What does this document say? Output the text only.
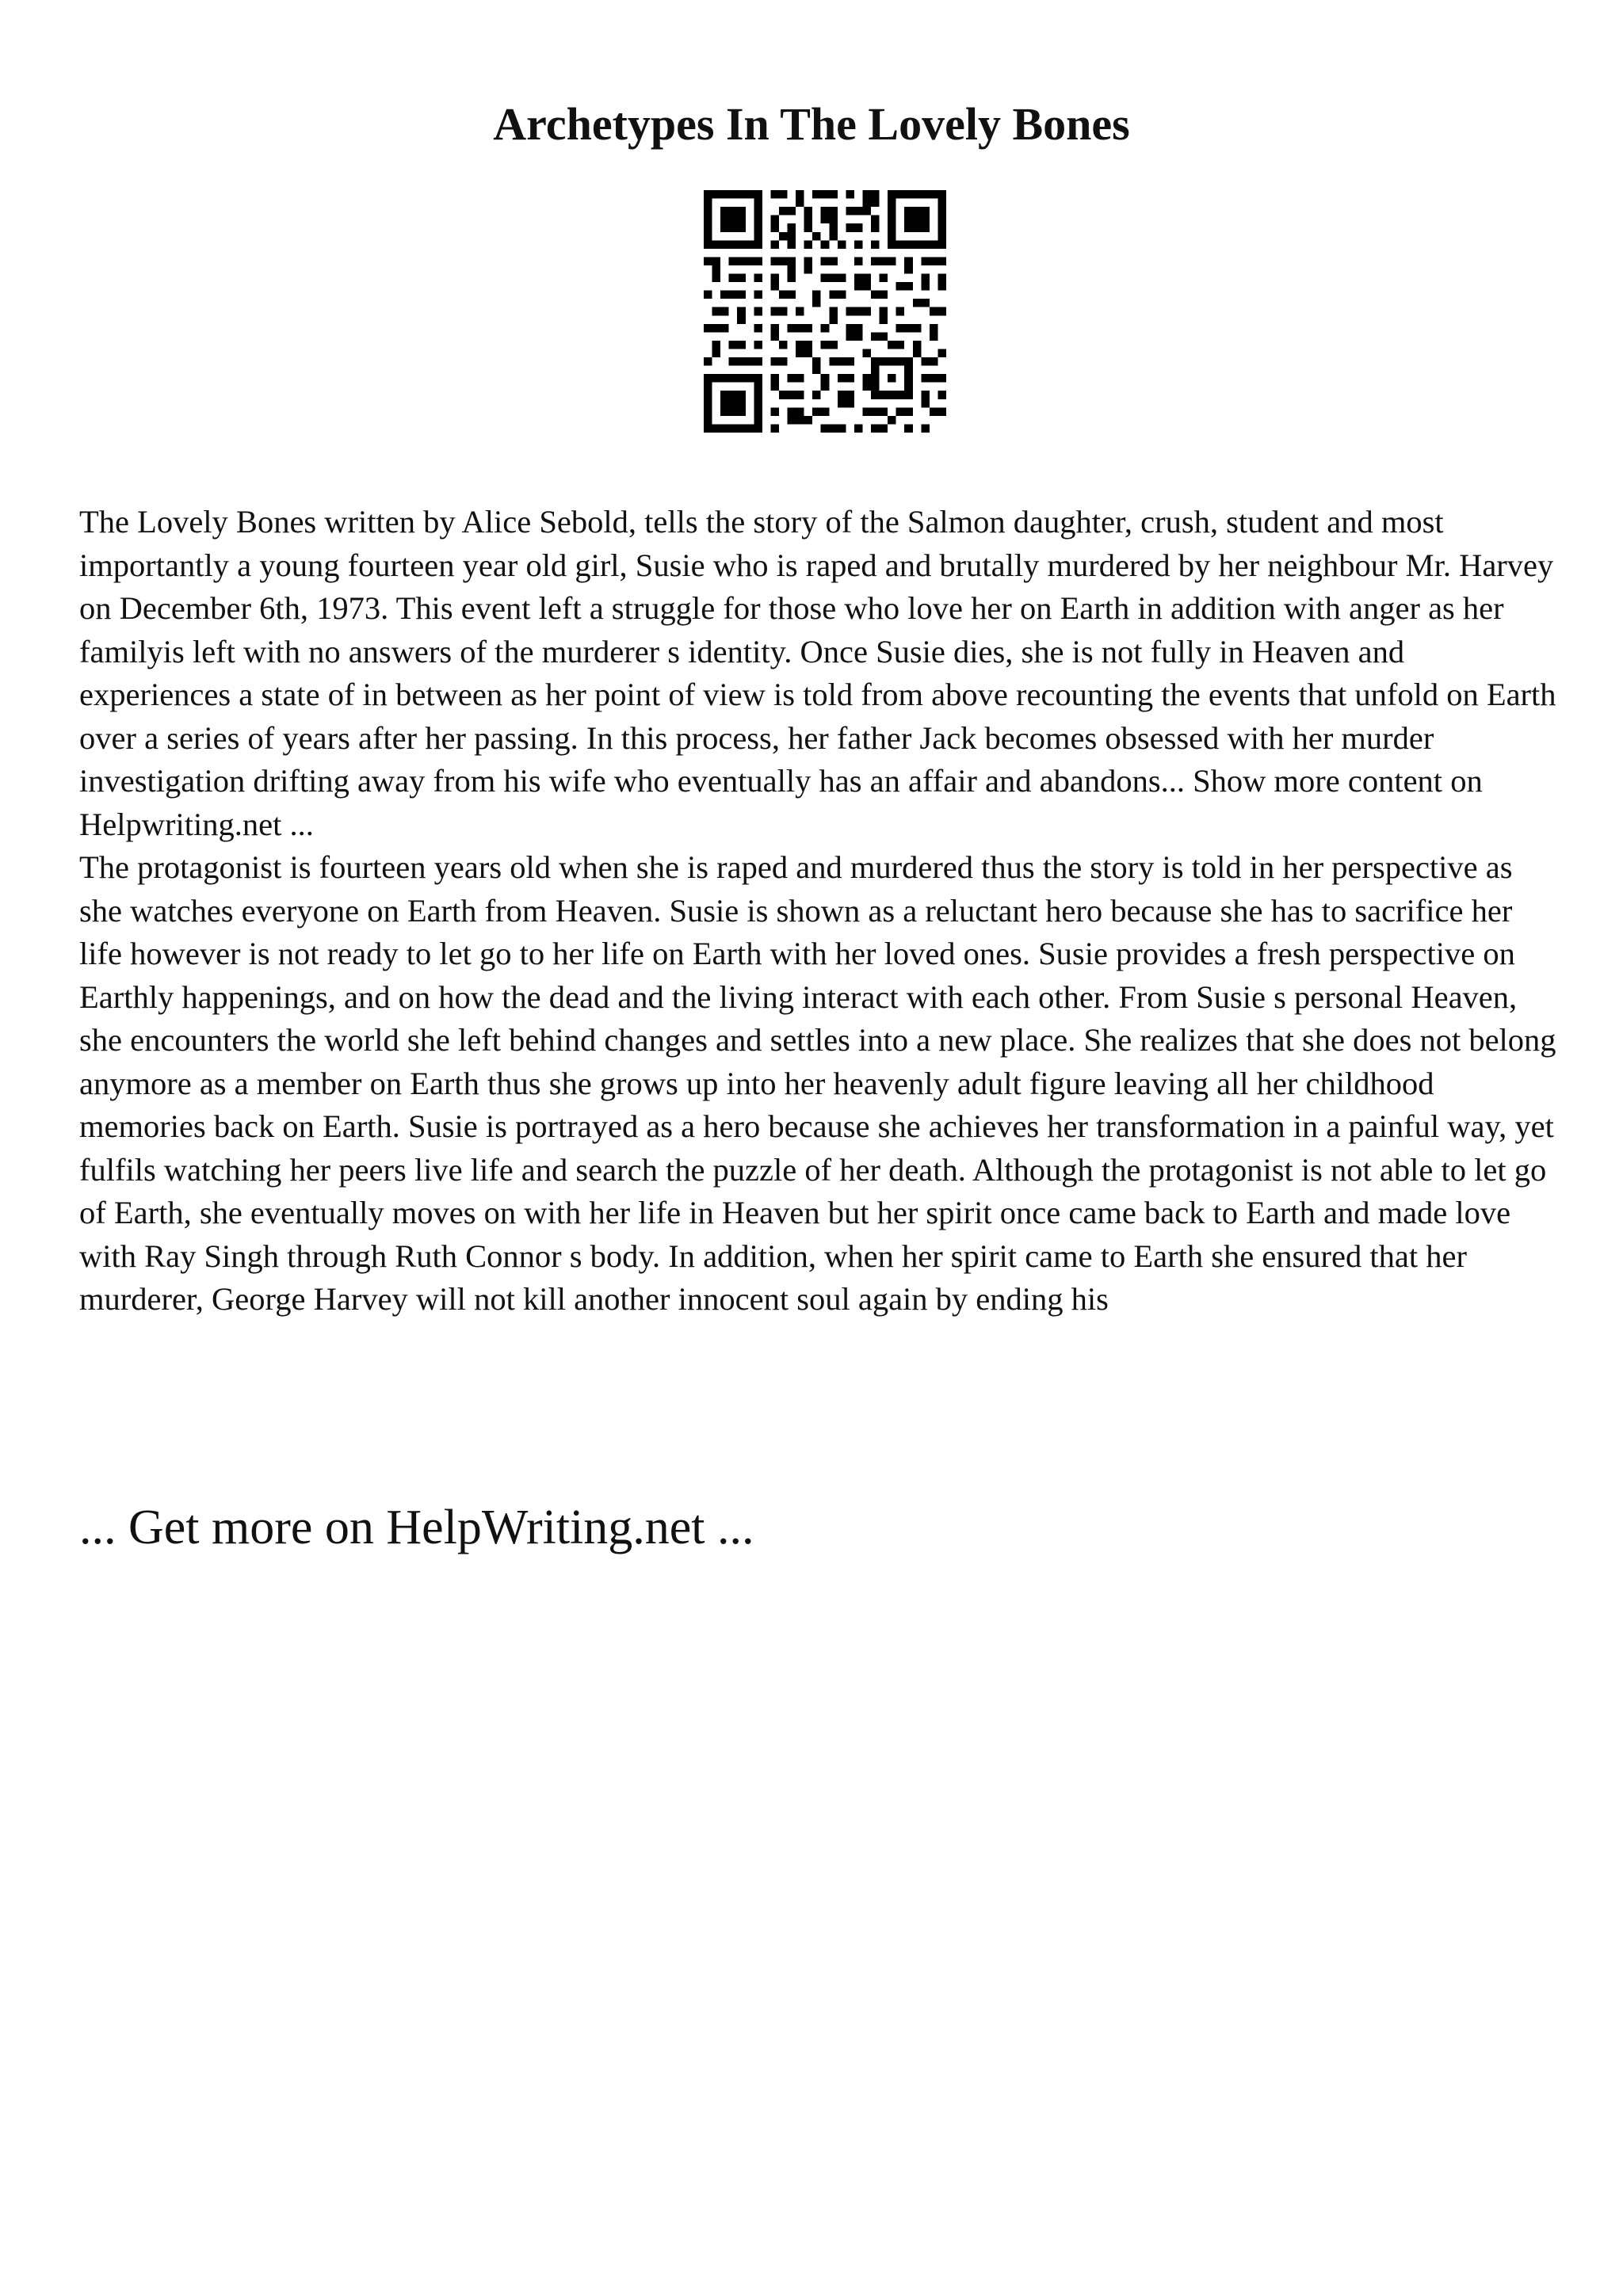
Archetypes In The Lovely Bones

The Lovely Bones written by Alice Sebold, tells the story of the Salmon daughter, crush, student and most importantly a young fourteen year old girl, Susie who is raped and brutally murdered by her neighbour Mr. Harvey on December 6th, 1973. This event left a struggle for those who love her on Earth in addition with anger as her familyis left with no answers of the murderer s identity. Once Susie dies, she is not fully in Heaven and experiences a state of in between as her point of view is told from above recounting the events that unfold on Earth over a series of years after her passing. In this process, her father Jack becomes obsessed with her murder investigation drifting away from his wife who eventually has an affair and abandons... Show more content on Helpwriting.net ...

The protagonist is fourteen years old when she is raped and murdered thus the story is told in her perspective as she watches everyone on Earth from Heaven. Susie is shown as a reluctant hero because she has to sacrifice her life however is not ready to let go to her life on Earth with her loved ones. Susie provides a fresh perspective on Earthly happenings, and on how the dead and the living interact with each other. From Susie s personal Heaven, she encounters the world she left behind changes and settles into a new place. She realizes that she does not belong anymore as a member on Earth thus she grows up into her heavenly adult figure leaving all her childhood memories back on Earth. Susie is portrayed as a hero because she achieves her transformation in a painful way, yet fulfils watching her peers live life and search the puzzle of her death. Although the protagonist is not able to let go of Earth, she eventually moves on with her life in Heaven but her spirit once came back to Earth and made love with Ray Singh through Ruth Connor s body. In addition, when her spirit came to Earth she ensured that her murderer, George Harvey will not kill another innocent soul again by ending his

... Get more on HelpWriting.net ...
